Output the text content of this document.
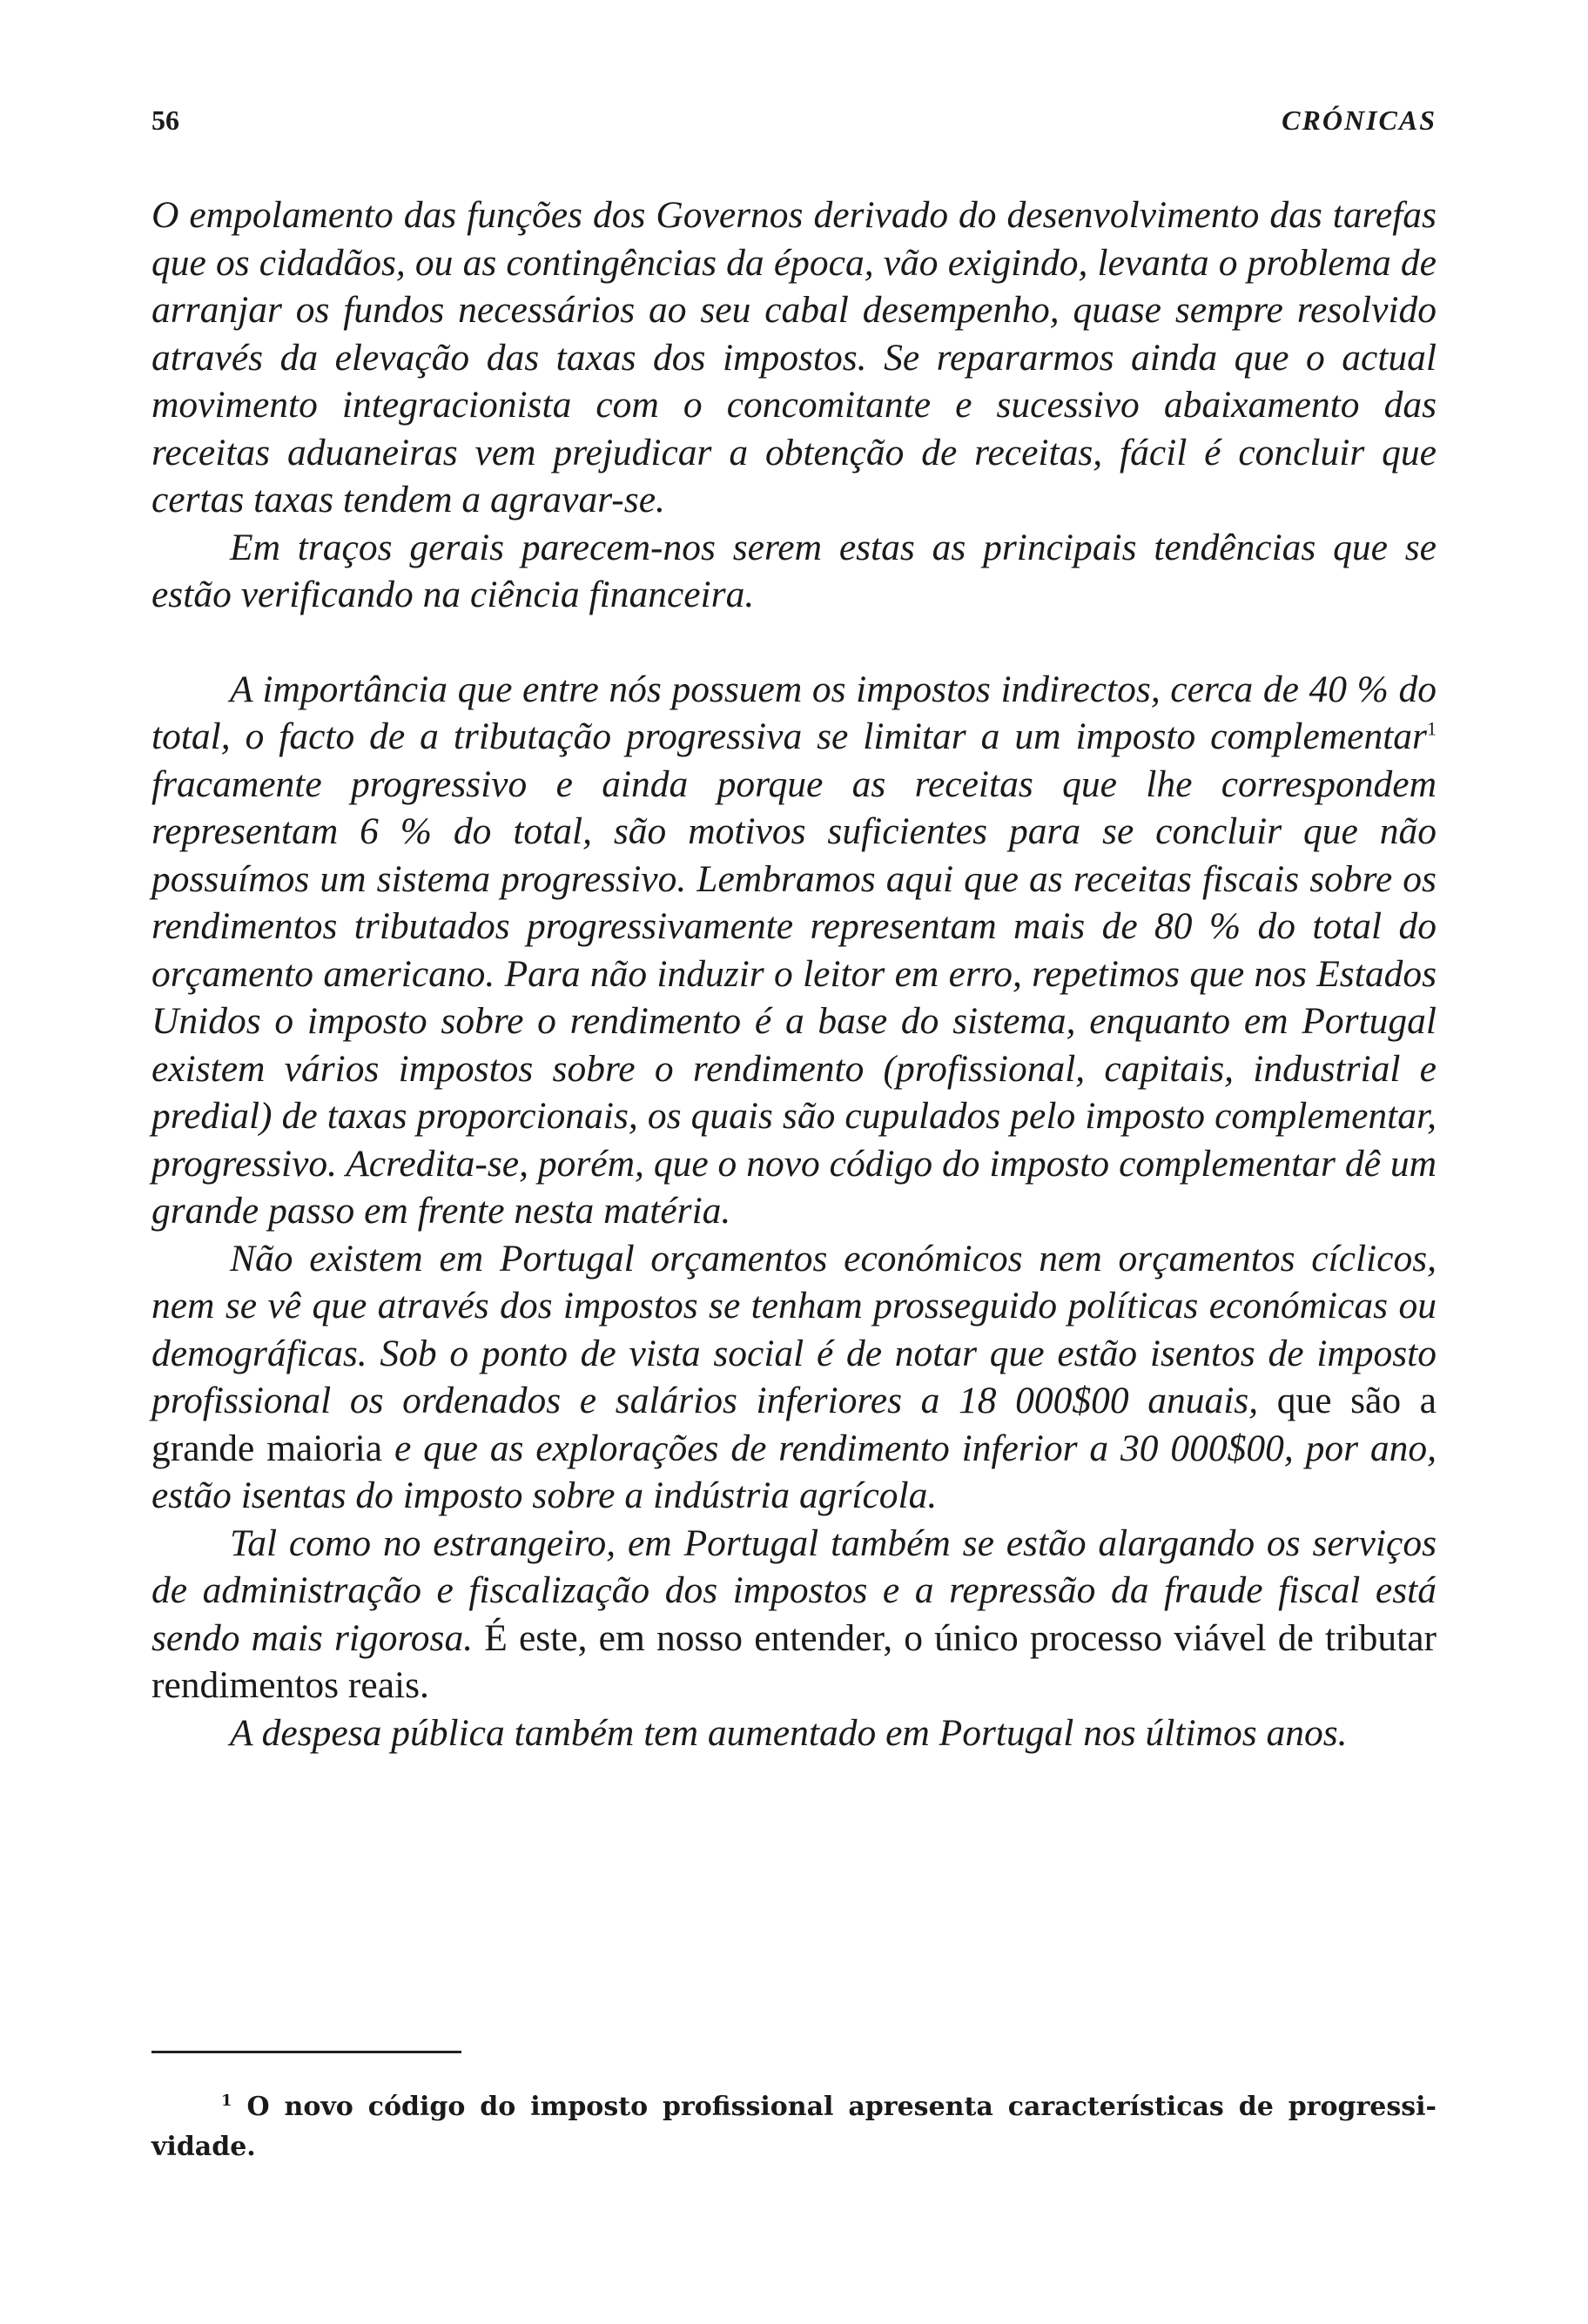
56	CRÓNICAS

O empolamento das funções dos Governos derivado do desenvolvimento das tarefas que os cidadãos, ou as contingências da época, vão exigindo, levanta o problema de arranjar os fundos necessários ao seu cabal desempenho, quase sempre resolvido através da elevação das taxas dos impostos. Se repararmos ainda que o actual movimento integracionista com o concomitante e sucessivo abaixamento das receitas aduaneiras vem prejudicar a obtenção de receitas, fácil é concluir que certas taxas tendem a agravar-se.

Em traços gerais parecem-nos serem estas as principais tendências que se estão verificando na ciência financeira.

A importância que entre nós possuem os impostos indirectos, cerca de 40 % do total, o facto de a tributação progressiva se limitar a um imposto complementar$^1$ fracamente progressivo e ainda porque as receitas que lhe correspondem representam 6 % do total, são motivos suficientes para se concluir que não possuímos um sistema progressivo. Lembramos aqui que as receitas fiscais sobre os rendimentos tributados progressivamente representam mais de 80 % do total do orçamento americano. Para não induzir o leitor em erro, repetimos que nos Estados Unidos o imposto sobre o rendimento é a base do sistema, enquanto em Portugal existem vários impostos sobre o rendimento (profissional, capitais, industrial e predial) de taxas proporcionais, os quais são cupulados pelo imposto complementar, progressivo. Acredita-se, porém, que o novo código do imposto complementar dê um grande passo em frente nesta matéria.

Não existem em Portugal orçamentos económicos nem orçamentos cíclicos, nem se vê que através dos impostos se tenham prosseguido políticas económicas ou demográficas. Sob o ponto de vista social é de notar que estão isentos de imposto profissional os ordenados e salários inferiores a 18 000$00 anuais, que são a grande maioria e que as explorações de rendimento inferior a 30 000$00, por ano, estão isentas do imposto sobre a indústria agrícola.

Tal como no estrangeiro, em Portugal também se estão alargando os serviços de administração e fiscalização dos impostos e a repressão da fraude fiscal está sendo mais rigorosa. É este, em nosso entender, o único processo viável de tributar rendimentos reais.

A despesa pública também tem aumentado em Portugal nos últimos anos.

$^1$ O novo código do imposto profissional apresenta características de progressividade.
